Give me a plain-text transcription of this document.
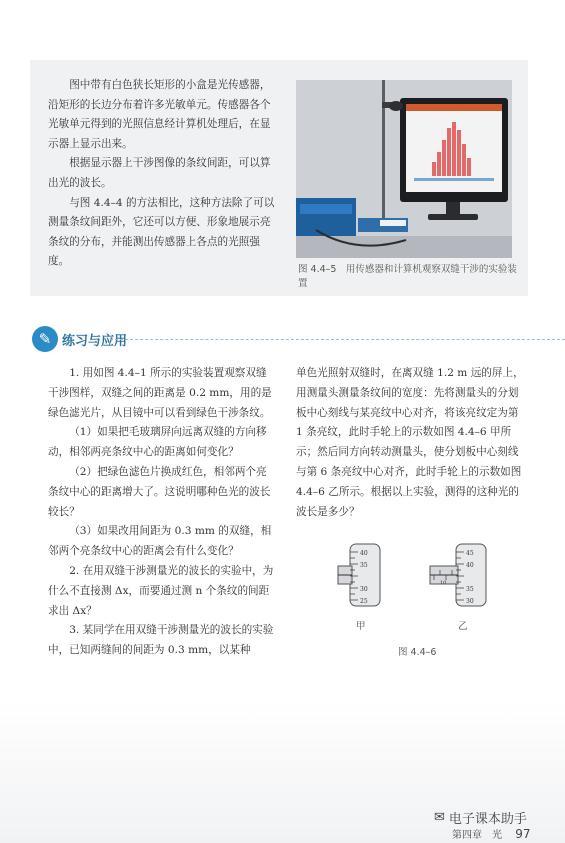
图中带有白色狭长矩形的小盒是光传感器，沿矩形的长边分布着许多光敏单元。传感器各个光敏单元得到的光照信息经计算机处理后，在显示器上显示出来。

根据显示器上干涉图像的条纹间距，可以算出光的波长。

与图 4.4–4 的方法相比，这种方法除了可以测量条纹间距外，它还可以方便、形象地展示亮条纹的分布，并能测出传感器上各点的光照强度。

图 4.4–5　用传感器和计算机观察双缝干涉的实验装置
✎ 练习与应用

1. 用如图 4.4–1 所示的实验装置观察双缝干涉图样，双缝之间的距离是 0.2 mm，用的是绿色滤光片，从目镜中可以看到绿色干涉条纹。

（1）如果把毛玻璃屏向远离双缝的方向移动，相邻两亮条纹中心的距离如何变化？

（2）把绿色滤色片换成红色，相邻两个亮条纹中心的距离增大了。这说明哪种色光的波长较长？

（3）如果改用间距为 0.3 mm 的双缝，相邻两个亮条纹中心的距离会有什么变化？

2. 在用双缝干涉测量光的波长的实验中，为什么不直接测 Δx，而要通过测 n 个条纹的间距求出 Δx？

3. 某同学在用双缝干涉测量光的波长的实验中，已知两缝间的间距为 0.3 mm，以某种

单色光照射双缝时，在离双缝 1.2 m 远的屏上，用测量头测量条纹间的宽度：先将测量头的分划板中心刻线与某亮纹中心对齐，将该亮纹定为第 1 条亮纹，此时手轮上的示数如图 4.4–6 甲所示；然后同方向转动测量头，使分划板中心刻线与第 6 条亮纹中心对齐，此时手轮上的示数如图 4.4–6 乙所示。根据以上实验，测得的这种光的波长是多少？

40
35
30
25
甲
10
45
40
35
30
乙
图 4.4–6
✉ 电子课本助手
第四章　光 97
